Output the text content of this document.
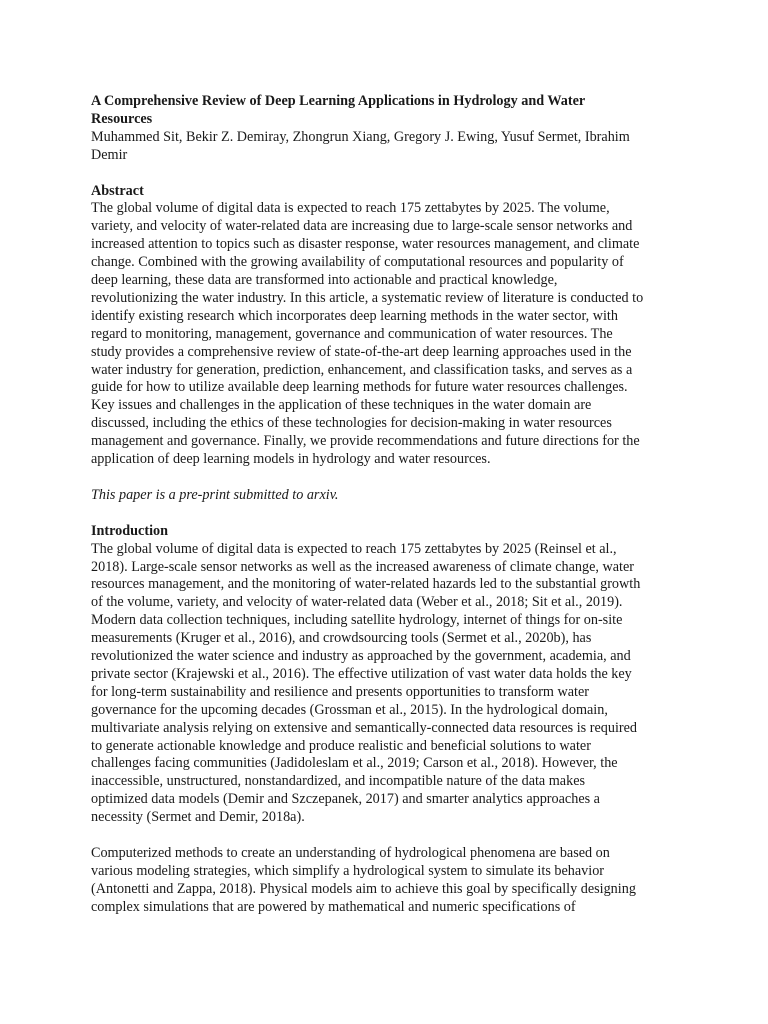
A Comprehensive Review of Deep Learning Applications in Hydrology and Water
Resources
Muhammed Sit, Bekir Z. Demiray, Zhongrun Xiang, Gregory J. Ewing, Yusuf Sermet, Ibrahim
Demir
Abstract
The global volume of digital data is expected to reach 175 zettabytes by 2025. The volume,
variety, and velocity of water-related data are increasing due to large-scale sensor networks and
increased attention to topics such as disaster response, water resources management, and climate
change. Combined with the growing availability of computational resources and popularity of
deep learning, these data are transformed into actionable and practical knowledge,
revolutionizing the water industry. In this article, a systematic review of literature is conducted to
identify existing research which incorporates deep learning methods in the water sector, with
regard to monitoring, management, governance and communication of water resources. The
study provides a comprehensive review of state-of-the-art deep learning approaches used in the
water industry for generation, prediction, enhancement, and classification tasks, and serves as a
guide for how to utilize available deep learning methods for future water resources challenges.
Key issues and challenges in the application of these techniques in the water domain are
discussed, including the ethics of these technologies for decision-making in water resources
management and governance. Finally, we provide recommendations and future directions for the
application of deep learning models in hydrology and water resources.
This paper is a pre-print submitted to arxiv.
Introduction
The global volume of digital data is expected to reach 175 zettabytes by 2025 (Reinsel et al.,
2018). Large-scale sensor networks as well as the increased awareness of climate change, water
resources management, and the monitoring of water-related hazards led to the substantial growth
of the volume, variety, and velocity of water-related data (Weber et al., 2018; Sit et al., 2019).
Modern data collection techniques, including satellite hydrology, internet of things for on-site
measurements (Kruger et al., 2016), and crowdsourcing tools (Sermet et al., 2020b), has
revolutionized the water science and industry as approached by the government, academia, and
private sector (Krajewski et al., 2016). The effective utilization of vast water data holds the key
for long-term sustainability and resilience and presents opportunities to transform water
governance for the upcoming decades (Grossman et al., 2015). In the hydrological domain,
multivariate analysis relying on extensive and semantically-connected data resources is required
to generate actionable knowledge and produce realistic and beneficial solutions to water
challenges facing communities (Jadidoleslam et al., 2019; Carson et al., 2018). However, the
inaccessible, unstructured, nonstandardized, and incompatible nature of the data makes
optimized data models (Demir and Szczepanek, 2017) and smarter analytics approaches a
necessity (Sermet and Demir, 2018a).
Computerized methods to create an understanding of hydrological phenomena are based on
various modeling strategies, which simplify a hydrological system to simulate its behavior
(Antonetti and Zappa, 2018). Physical models aim to achieve this goal by specifically designing
complex simulations that are powered by mathematical and numeric specifications of
